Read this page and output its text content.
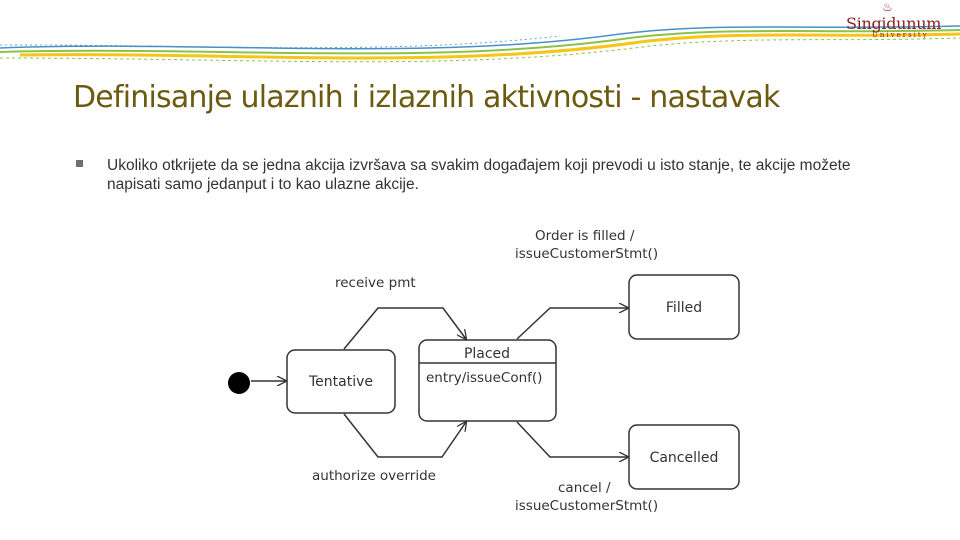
♨
Singidunum
University
Definisanje ulaznih i izlaznih aktivnosti - nastavak
Ukoliko otkrijete da se jedna akcija izvršava sa svakim događajem koji prevodi u isto stanje, te akcije možete napisati samo jedanput i to kao ulazne akcije.
Tentative
Placed
entry/issueConf()
Filled
Cancelled
receive pmt
authorize override
Order is filled /
issueCustomerStmt()
cancel /
issueCustomerStmt()
